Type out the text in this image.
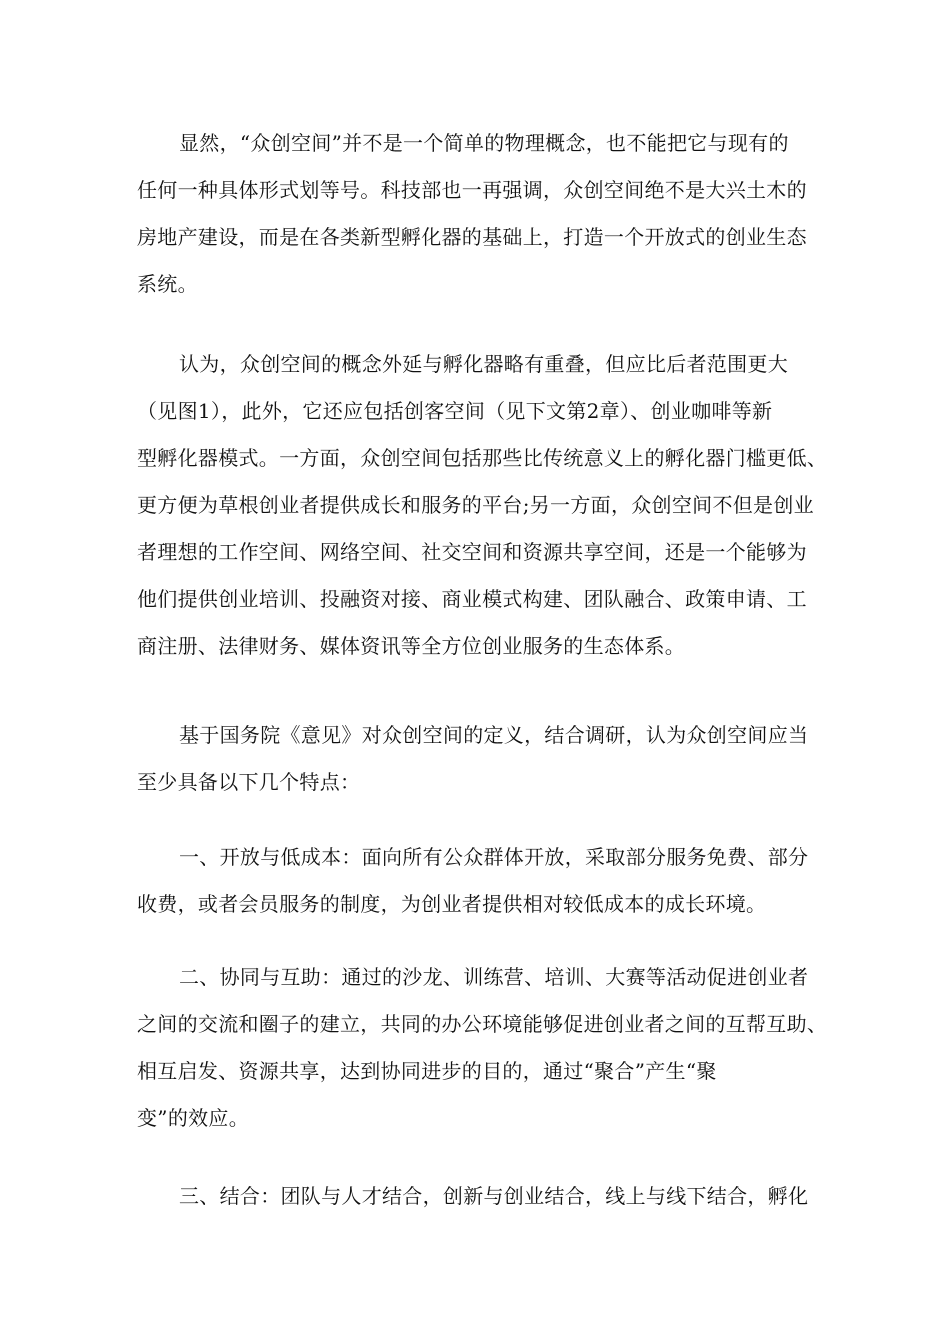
显然，“众创空间”并不是一个简单的物理概念，也不能把它与现有的
任何一种具体形式划等号。科技部也一再强调，众创空间绝不是大兴土木的
房地产建设，而是在各类新型孵化器的基础上，打造一个开放式的创业生态
系统。
认为，众创空间的概念外延与孵化器略有重叠，但应比后者范围更大
（见图1），此外，它还应包括创客空间（见下文第2章）、创业咖啡等新
型孵化器模式。一方面，众创空间包括那些比传统意义上的孵化器门槛更低、
更方便为草根创业者提供成长和服务的平台;另一方面，众创空间不但是创业
者理想的工作空间、网络空间、社交空间和资源共享空间，还是一个能够为
他们提供创业培训、投融资对接、商业模式构建、团队融合、政策申请、工
商注册、法律财务、媒体资讯等全方位创业服务的生态体系。
基于国务院《意见》对众创空间的定义，结合调研，认为众创空间应当
至少具备以下几个特点：
一、开放与低成本：面向所有公众群体开放，采取部分服务免费、部分
收费，或者会员服务的制度，为创业者提供相对较低成本的成长环境。
二、协同与互助：通过的沙龙、训练营、培训、大赛等活动促进创业者
之间的交流和圈子的建立，共同的办公环境能够促进创业者之间的互帮互助、
相互启发、资源共享，达到协同进步的目的，通过“聚合”产生“聚
变”的效应。
三、结合：团队与人才结合，创新与创业结合，线上与线下结合，孵化
